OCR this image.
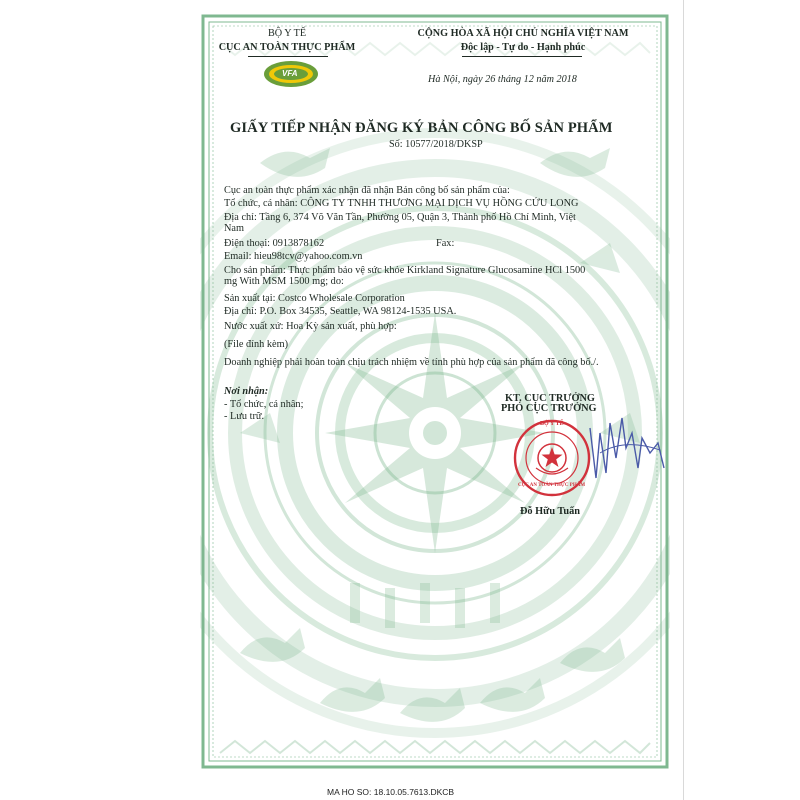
BỘ Y TẾ
CỤC AN TOÀN THỰC PHẨM
VFA
CỘNG HÒA XÃ HỘI CHỦ NGHĨA VIỆT NAM
Độc lập - Tự do - Hạnh phúc
Hà Nội, ngày 26 tháng 12 năm 2018
GIẤY TIẾP NHẬN ĐĂNG KÝ BẢN CÔNG BỐ SẢN PHẨM
Số: 10577/2018/DKSP
Cục an toàn thực phẩm xác nhận đã nhận Bản công bố sản phẩm của:
Tổ chức, cá nhân: CÔNG TY TNHH THƯƠNG MẠI DỊCH VỤ HỒNG CỬU LONG
Địa chỉ: Tầng 6, 374 Võ Văn Tần, Phường 05, Quận 3, Thành phố Hồ Chí Minh, Việt
Nam
Điện thoại: 0913878162	Fax:
Email: hieu98tcv@yahoo.com.vn
Cho sản phẩm: Thực phẩm bảo vệ sức khỏe Kirkland Signature Glucosamine HCl 1500
mg With MSM 1500 mg; do:
Sản xuất tại: Costco Wholesale Corporation
Địa chỉ: P.O. Box 34535, Seattle, WA 98124-1535 USA.
Nước xuất xứ: Hoa Kỳ sản xuất, phù hợp:
(File đính kèm)
Doanh nghiệp phải hoàn toàn chịu trách nhiệm về tính phù hợp của sản phẩm đã công bố./.
Nơi nhận:
- Tổ chức, cá nhân;
- Lưu trữ.
KT. CỤC TRƯỞNG
PHÓ CỤC TRƯỞNG
BỘ Y TẾ
CỤC AN TOÀN THỰC PHẨM
Đỗ Hữu Tuấn
MA HO SO: 18.10.05.7613.DKCB
